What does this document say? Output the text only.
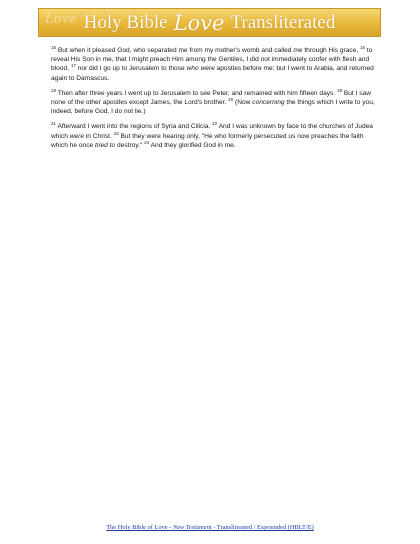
Love Holy Bible Love Transliterated

$^{15}$ But when it pleased God, who separated me from my mother's womb and called me through His grace, $^{16}$ to reveal His Son in me, that I might preach Him among the Gentiles, I did not immediately confer with flesh and blood, $^{17}$ nor did I go up to Jerusalem to those who were apostles before me; but I went to Arabia, and returned again to Damascus.

$^{18}$ Then after three years I went up to Jerusalem to see Peter, and remained with him fifteen days. $^{19}$ But I saw none of the other apostles except James, the Lord's brother. $^{20}$ (Now concerning the things which I write to you, indeed, before God, I do not lie.)

$^{21}$ Afterward I went into the regions of Syria and Cilicia. $^{22}$ And I was unknown by face to the churches of Judea which were in Christ. $^{23}$ But they were hearing only, "He who formerly persecuted us now preaches the faith which he once tried to destroy." $^{24}$ And they glorified God in me.

The Holy Bible of Love - New Testament - Transliterated / Expounded (HBLT/E)
